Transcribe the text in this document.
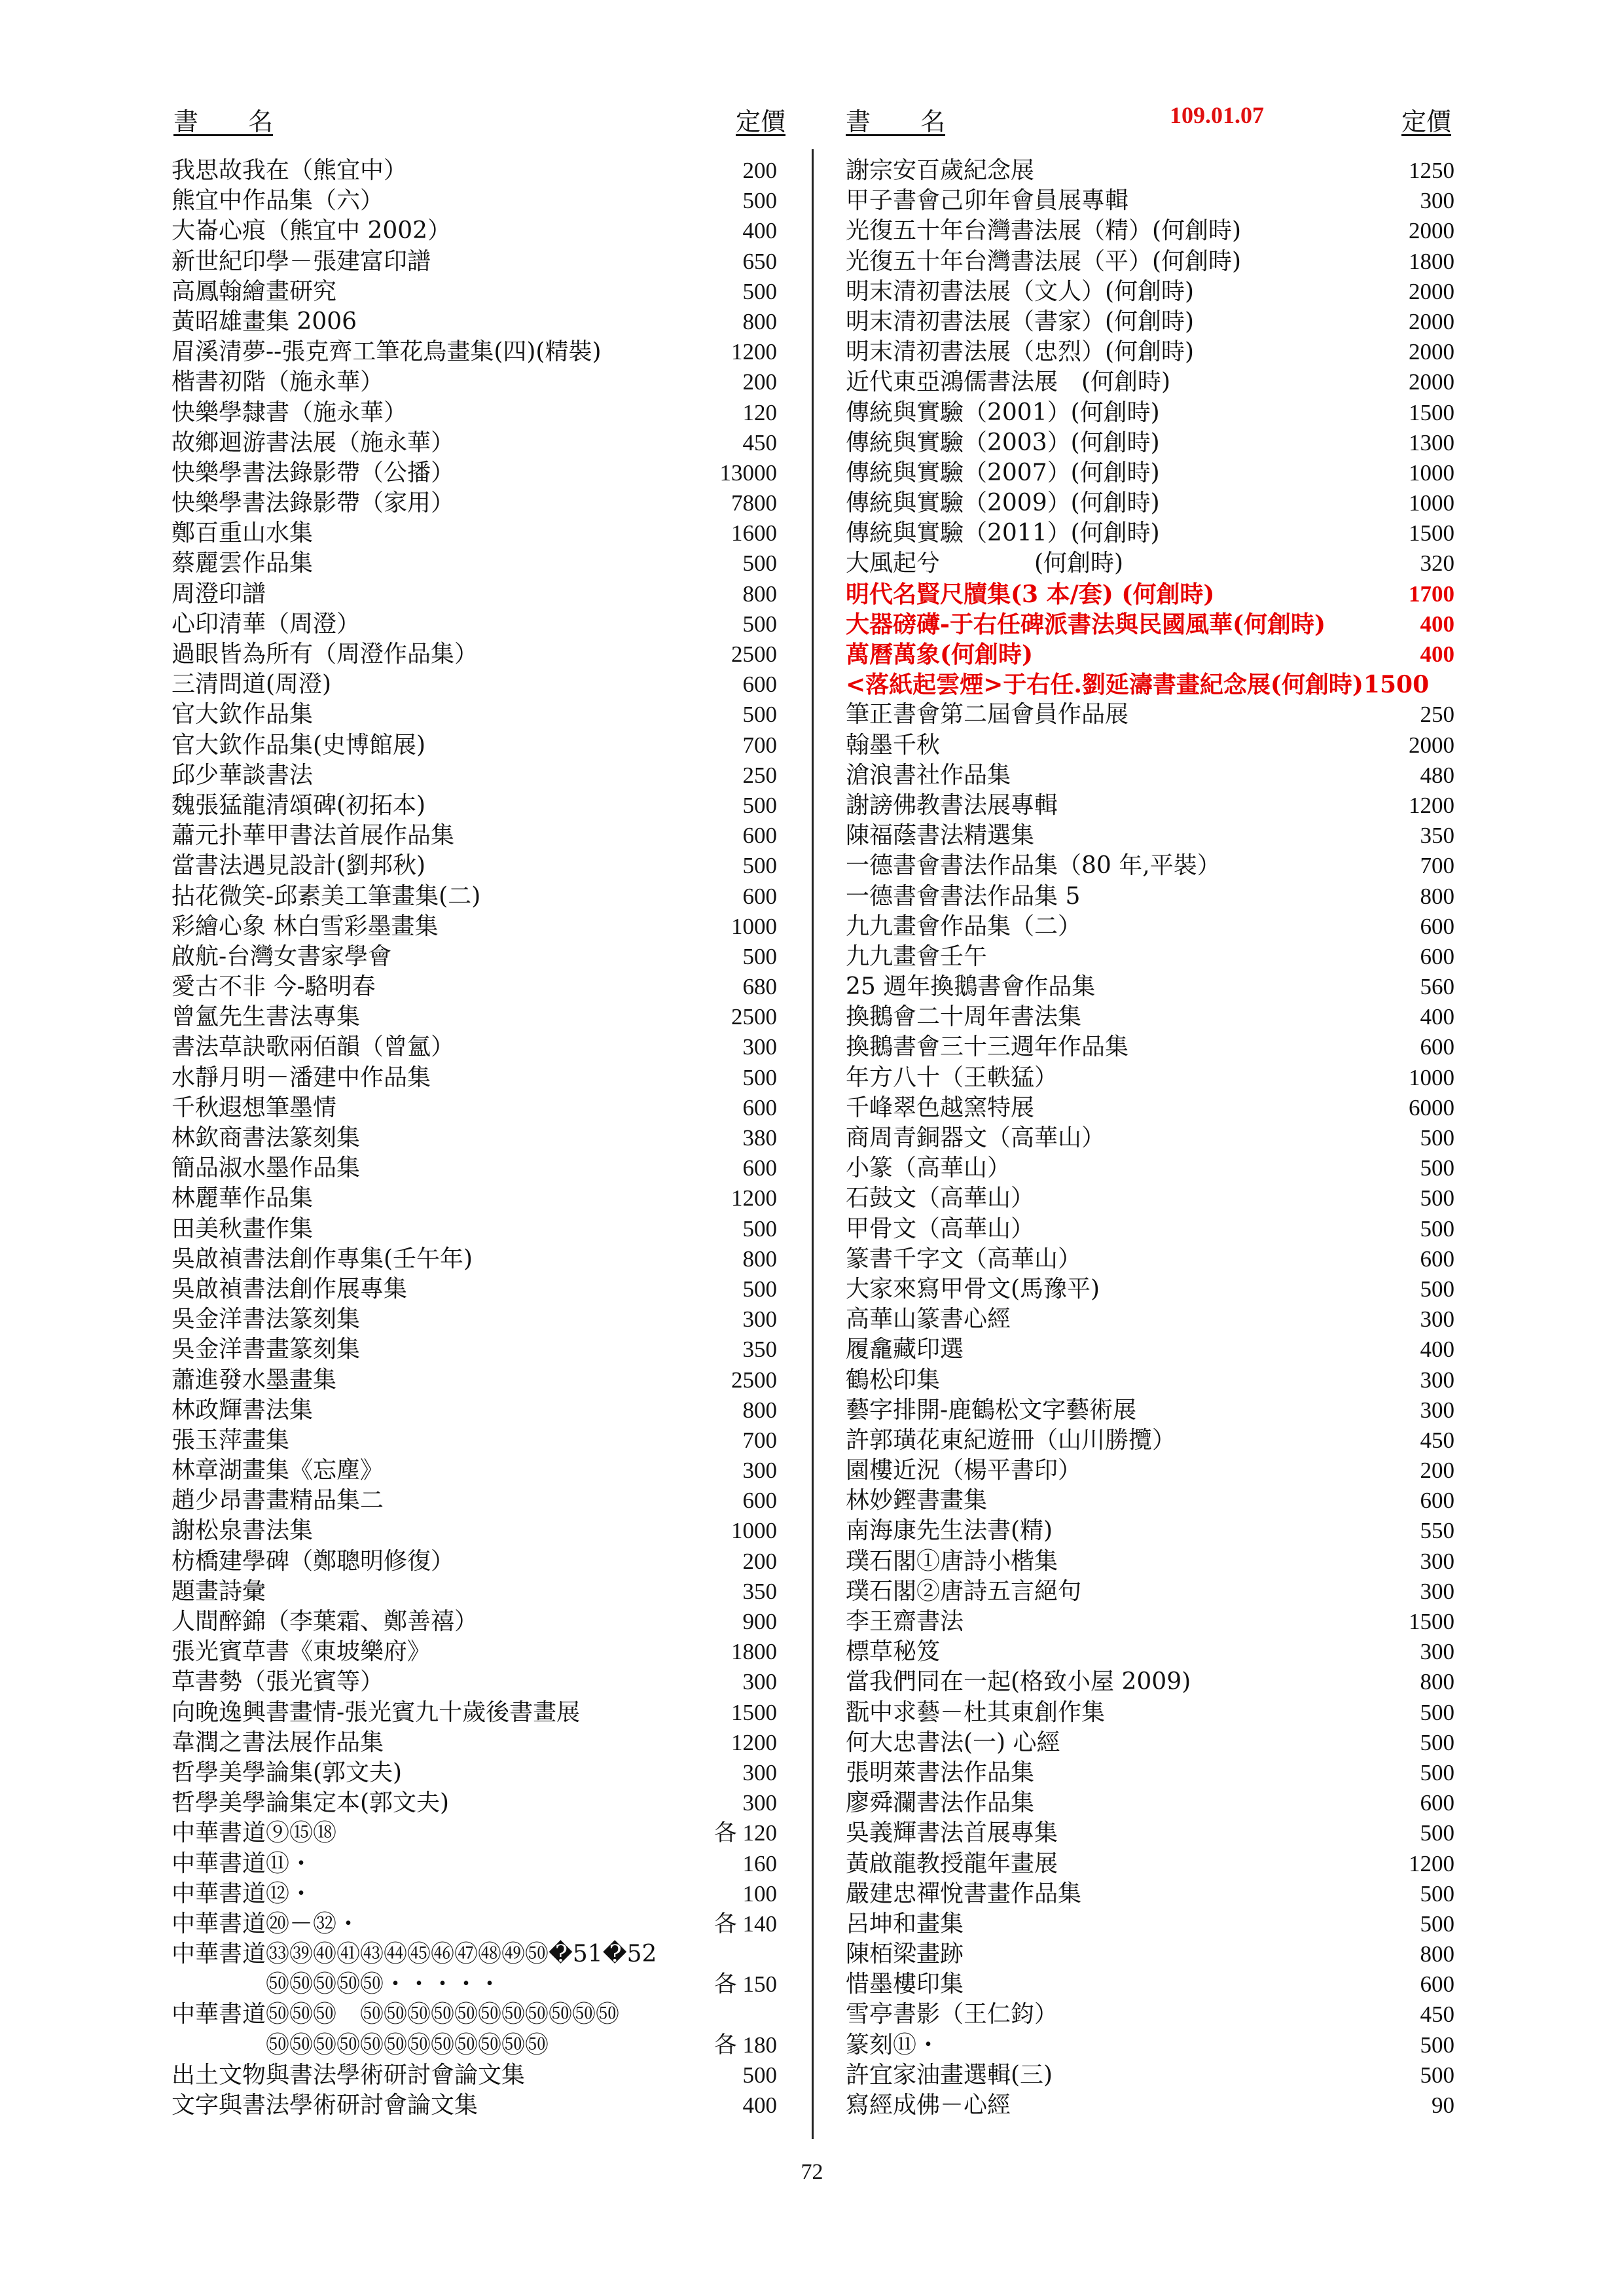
書　　名	定價 書　　名	109.01.07	定價
我思故我在（熊宜中）	200
熊宜中作品集（六）	500
大崙心痕（熊宜中 2002）	400
新世紀印學－張建富印譜	650
高鳳翰繪畫研究	500
黃昭雄畫集 2006	800
眉溪清夢--張克齊工筆花鳥畫集(四)(精裝)	1200
楷書初階（施永華）	200
快樂學隸書（施永華）	120
故鄉迴游書法展（施永華）	450
快樂學書法錄影帶（公播）	13000
快樂學書法錄影帶（家用）	7800
鄭百重山水集	1600
蔡麗雲作品集	500
周澄印譜	800
心印清華（周澄）	500
過眼皆為所有（周澄作品集）	2500
三清問道(周澄)	600
官大欽作品集	500
官大欽作品集(史博館展)	700
邱少華談書法	250
魏張猛龍清頌碑(初拓本)	500
蕭元扑華甲書法首展作品集	600
當書法遇見設計(劉邦秋)	500
拈花微笑-邱素美工筆畫集(二)	600
彩繪心象 林白雪彩墨畫集	1000
啟航-台灣女書家學會	500
愛古不非 今-駱明春	680
曾氳先生書法專集	2500
書法草訣歌兩佰韻（曾氳）	300
水靜月明－潘建中作品集	500
千秋遐想筆墨情	600
林欽商書法篆刻集	380
簡品淑水墨作品集	600
林麗華作品集	1200
田美秋畫作集	500
吳啟禎書法創作專集(壬午年)	800
吳啟禎書法創作展專集	500
吳金洋書法篆刻集	300
吳金洋書畫篆刻集	350
蕭進發水墨畫集	2500
林政輝書法集	800
張玉萍畫集	700
林章湖畫集《忘塵》	300
趙少昂書畫精品集二	600
謝松泉書法集	1000
枋橋建學碑（鄭聰明修復）	200
題畫詩彙	350
人間醉錦（李葉霜、鄭善禧）	900
張光賓草書《東坡樂府》	1800
草書勢（張光賓等）	300
向晚逸興書畫情-張光賓九十歲後書畫展	1500
韋潤之書法展作品集	1200
哲學美學論集(郭文夫)	300
哲學美學論集定本(郭文夫)	300
中華書道⑨⑮⑱	各 120
中華書道⑪・	160
中華書道⑫・	100
中華書道⑳－㉜・	各 140
中華書道㉝㊴㊵㊶㊸㊹㊺㊻㊼㊽㊾㊿�51�52
　　　　㊿㊿㊿㊿㊿・・・・・	各 150
中華書道㊿㊿㊿　㊿㊿㊿㊿㊿㊿㊿㊿㊿㊿㊿
　　　　㊿㊿㊿㊿㊿㊿㊿㊿㊿㊿㊿㊿	各 180
出土文物與書法學術研討會論文集	500
文字與書法學術研討會論文集	400
謝宗安百歲紀念展	1250
甲子書會己卯年會員展專輯	300
光復五十年台灣書法展（精）(何創時)	2000
光復五十年台灣書法展（平）(何創時)	1800
明末清初書法展（文人）(何創時)	2000
明末清初書法展（書家）(何創時)	2000
明末清初書法展（忠烈）(何創時)	2000
近代東亞鴻儒書法展　(何創時)	2000
傳統與實驗（2001）(何創時)	1500
傳統與實驗（2003）(何創時)	1300
傳統與實驗（2007）(何創時)	1000
傳統與實驗（2009）(何創時)	1000
傳統與實驗（2011）(何創時)	1500
大風起兮　　　　(何創時)	320
明代名賢尺牘集(3 本/套) (何創時)	1700
大器磅礡-于右任碑派書法與民國風華(何創時)	400
萬曆萬象(何創時)	400
<落紙起雲煙>于右任.劉延濤書畫紀念展(何創時)1500
筆正書會第二屆會員作品展	250
翰墨千秋	2000
滄浪書社作品集	480
謝謗佛教書法展專輯	1200
陳福蔭書法精選集	350
一德書會書法作品集（80 年,平裝）	700
一德書會書法作品集 5	800
九九畫會作品集（二）	600
九九畫會壬午	600
25 週年換鵝書會作品集	560
換鵝會二十周年書法集	400
換鵝書會三十三週年作品集	600
年方八十（王軼猛）	1000
千峰翠色越窯特展	6000
商周青銅器文（高華山）	500
小篆（高華山）	500
石鼓文（高華山）	500
甲骨文（高華山）	500
篆書千字文（高華山）	600
大家來寫甲骨文(馬豫平)	500
高華山篆書心經	300
履龕藏印選	400
鶴松印集	300
藝字排開-鹿鶴松文字藝術展	300
許郭璜花東紀遊冊（山川勝攬）	450
園樓近況（楊平書印）	200
林妙鏗書畫集	600
南海康先生法書(精)	550
璞石閣①唐詩小楷集	300
璞石閣②唐詩五言絕句	300
李王齋書法	1500
標草秘笈	300
當我們同在一起(格致小屋 2009)	800
翫中求藝－杜其東創作集	500
何大忠書法(一) 心經	500
張明萊書法作品集	500
廖舜瀾書法作品集	600
吳義輝書法首展專集	500
黃啟龍教授龍年畫展	1200
嚴建忠禪悅書畫作品集	500
呂坤和畫集	500
陳栢梁畫跡	800
惜墨樓印集	600
雪亭書影（王仁鈞）	450
篆刻⑪・	500
許宜家油畫選輯(三)	500
寫經成佛－心經	90
72
